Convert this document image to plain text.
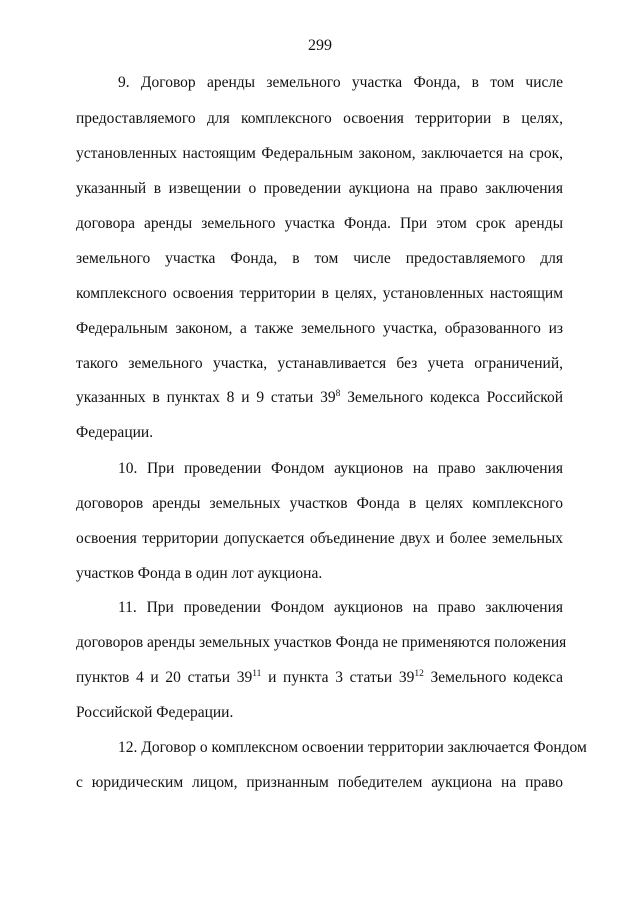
299
9. Договор аренды земельного участка Фонда, в том числе
предоставляемого для комплексного освоения территории в целях,
установленных настоящим Федеральным законом, заключается на срок,
указанный в извещении о проведении аукциона на право заключения
договора аренды земельного участка Фонда. При этом срок аренды
земельного участка Фонда, в том числе предоставляемого для
комплексного освоения территории в целях, установленных настоящим
Федеральным законом, а также земельного участка, образованного из
такого земельного участка, устанавливается без учета ограничений,
указанных в пунктах 8 и 9 статьи $39^8$ Земельного кодекса Российской
Федерации.
10. При проведении Фондом аукционов на право заключения
договоров аренды земельных участков Фонда в целях комплексного
освоения территории допускается объединение двух и более земельных
участков Фонда в один лот аукциона.
11. При проведении Фондом аукционов на право заключения
договоров аренды земельных участков Фонда не применяются положения
пунктов 4 и 20 статьи $39^{11}$ и пункта 3 статьи $39^{12}$ Земельного кодекса
Российской Федерации.
12. Договор о комплексном освоении территории заключается Фондом
с юридическим лицом, признанным победителем аукциона на право
